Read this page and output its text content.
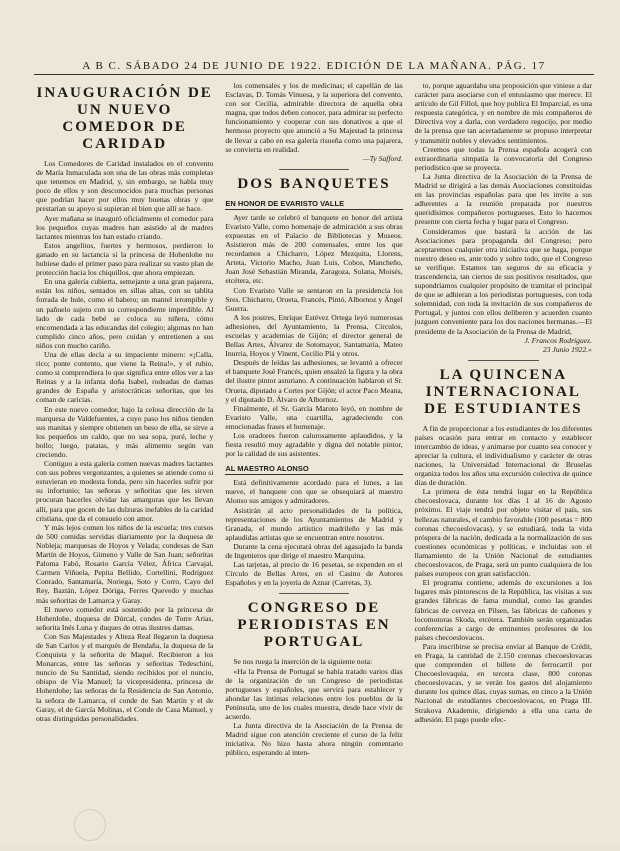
A B C. SÁBADO 24 DE JUNIO DE 1922. EDICIÓN DE LA MAÑANA. PÁG. 17
INAUGURACIÓN DE UN NUEVO COMEDOR DE CARIDAD

Los Comedores de Caridad instalados en el convento de María Inmaculada son una de las obras más completas que tenemos en Madrid, y, sin embargo, se habla muy poco de ellos y son desconocidos para muchas personas que podrían hacer por ellos muy buenas obras y que prestarían su apoyo si supieran el bien que allí se hace.

Ayer mañana se inauguró oficialmente el comedor para los pequeños cuyas madres han asistido al de madres lactantes mientras los han estado criando.

Estos angelitos, fuertes y hermosos, perdieron lo ganado en su lactancia si la princesa de Hohenlohe no hubiese dado el primer paso para realizar su vasto plan de protección hacia los chiquillos, que ahora empiezan.

En una galería cubierta, semejante a una gran pajarera, están los niños, sentados en sillas altas, con su tablita forrada de hule, como el babero; un mantel irrompible y un pañuelo sujeto con su correspondiente imperdible. Al lado de cada bebé se coloca su niñera, cómo encomendada a las educandas del colegio; algunas no han cumplido cinco años, pero cuidan y entretienen a sus niños con mucho cariño.

Una de ellas decía a su impaciente minero: «¡Calla, rico; ponte contento, que viene la Reina!», y el rubio, como si comprendiera lo que significa entre ellos ver a las Reinas y a la infanta doña Isabel, rodeadas de damas grandes de España y aristocráticas señoritas, que les coman de caricias.

En este nuevo comedor, bajo la celosa dirección de la marquesa de Valdefuentes, a cuyo paso los niños tienden sus manitas y siempre obtienen un beso de ella, se sirve a los pequeños un caldo, que no sea sopa, puré, leche y bollo; luego, patatas, y más alimento según van creciendo.

Contiguo a esta galería comen nuevas madres lactantes con sus pobres vergonzantes, a quienes se atiende como si estuvieran en modesta fonda, pero sin hacerles sufrir por su infortunio; las señoras y señoritas que les sirven procuran hacerles olvidar las amarguras que les llevan allí, para que gocen de las dulzuras inefables de la caridad cristiana, que da el consuelo con amor.

Y más lejos comen los niños de la escuela; tres cursos de 500 comidas servidas diariamente por la duquesa de Nobleja; marquesas de Hoyos y Velada; condesas de San Martín de Hoyos, Gimeno y Valle de San Juan; señoritas Paloma Fabó, Rosario García Vélez, África Carvajal, Carmen Viñuela, Pepita Bellido, Cortellini, Rodríguez Conrado, Santamaría, Noriega, Soto y Corro, Cayo del Rey, Baztán, López Dóriga, Ferres Quevedo y muchas más señoritas de Lamarca y Garay.

El nuevo comedor está sostenido por la princesa de Hohenlohe, duquesa de Dúrcal, condes de Torre Arias, señorita Inés Luna y duques de otras ilustres damas.

Con Sus Majestades y Alteza Real llegaron la duquesa de San Carlos y el marqués de Bendaña, la duquesa de la Conquista y la señorita de Maqué. Recibieron a los Monarcas, entre las señoras y señoritas Tedeschini, nuncio de Su Santidad, siendo recibidos por el nuncio, obispo de Vía Manuel; la vicepresidenta, princesa de Hohenlohe; las señoras de la Residencia de San Antonio, la señora de Lamarca, el conde de San Martín y el de Garay, el de García Molinas, el Conde de Casa Manuel, y otras distinguidas personalidades.

los comensales y los de medicinas; el capellán de las Esclavas, D. Tomás Vinuesa, y la superiora del convento, con sor Cecilia, admirable directora de aquella obra magna, que todos deben conocer, para admirar su perfecto funcionamiento y cooperar con sus donativos a que el hermoso proyecto que anunció a Su Majestad la princesa de llevar a cabo en esa galería risueña como una pajarera, se convierta en realidad.

—Ty Safford.

DOS BANQUETES
EN HONOR DE EVARISTO VALLE

Ayer tarde se celebró el banquete en honor del artista Evaristo Valle, como homenaje de admiración a sus obras expuestas en el Palacio de Bibliotecas y Museos. Asistieron más de 200 comensales, entre los que recordamos a Chicharro, López Mezquita, Llorens, Arteta, Victorio Macho, Juan Luis, Cobos, Mancheño, Juan José Sebastián Miranda, Zaragoza, Solana, Moisés, etcétera, etc.

Con Evaristo Valle se sentaron en la presidencia los Sres. Chicharro, Orueta, Francés, Pintó, Albornoz y Ángel Guerra.

A los postres, Enrique Estévez Ortega leyó numerosas adhesiones, del Ayuntamiento, la Prensa, Círculos, escuelas y academias de Gijón; el director general de Bellas Artes, Álvarez de Sotomayor, Santamaría, Mateo Inurria, Hoyos y Vinent, Cecilio Plá y otros.

Después de leídas las adhesiones, se levantó a ofrecer el banquete José Francés, quien ensalzó la figura y la obra del ilustre pintor asturiano. A continuación hablaron el Sr. Orueta, diputado a Cortes por Gijón; el actor Paco Meana, y el diputado D. Álvaro de Albornoz.

Finalmente, el Sr. García Maroto leyó, en nombre de Evaristo Valle, una cuartilla, agradeciendo con emocionadas frases el homenaje.

Los oradores fueron calurosamente aplaudidos, y la fiesta resultó muy agradable y digna del notable pintor, por la calidad de sus asistentes.

AL MAESTRO ALONSO

Está definitivamente acordado para el lunes, a las nueve, el banquete con que se obsequiará al maestro Alonso sus amigos y admiradores.

Asistirán al acto personalidades de la política, representaciones de los Ayuntamientos de Madrid y Granada, el mundo artístico madrileño y las más aplaudidas artistas que se encuentran entre nosotros.

Durante la cena ejecutará obras del agasajado la banda de Ingenieros que dirige el maestro Marquina.

Las tarjetas, al precio de 16 pesetas, se expenden en el Círculo de Bellas Artes, en el Casino de Autores Españoles y en la joyería de Aznar (Carretas, 3).

CONGRESO DE PERIODISTAS EN PORTUGAL

Se nos ruega la inserción de la siguiente nota:

«Ha la Prensa de Portugal se había tratado varios días de la organización de un Congreso de periodistas portugueses y españoles, que servirá para establecer y ahondar las íntimas relaciones entre los pueblos de la Península, uno de los cuales muestra, desde hace vivir de acuerdo.

La Junta directiva de la Asociación de la Prensa de Madrid sigue con atención creciente el curso de la feliz iniciativa. No hizo hasta ahora ningún comentario público, esperando al inten-

to, porque aguardaba una proposición que viniese a dar carácter para asociarse con el entusiasmo que merece. El artículo de Gil Fillol, que hoy publica El Imparcial, es una respuesta categórica, y en nombre de mis compañeros de Directiva voy a darla, con verdadero regocijo, por medio de la prensa que tan acertadamente se propuso interpretar y transmitir nobles y elevados sentimientos.

Creemos que todas la Prensa española acogerá con extraordinaria simpatía la convocatoria del Congreso periodístico que se proyecta.

La Junta directiva de la Asociación de la Prensa de Madrid se dirigirá a las demás Asociaciones constituidas en las provincias españolas para que les invite a sus adherentes a la reunión preparada por nuestros queridísimos compañeros portugueses. Esto lo hacemos presente con cierta fecha y lugar para el Congreso.

Consideramos que bastará la acción de las Asociaciones para propaganda del Congreso; pero aceptaremos cualquier otra iniciativa que se haga, porque nuestro deseo es, ante todo y sobre todo, que el Congreso se verifique. Estamos tan seguros de su eficacia y trascendencia, tan ciertos de sus positivos resultados, que supondríamos cualquier propósito de tramitar el principal de que se adhieran a los periodistas portugueses, con toda solemnidad, con toda la invitación de sus compañeros de Portugal, y juntos con ellos deliberen y acuerden cuanto juzguen conveniente para los dos naciones hermanas.—El presidente de la Asociación de la Prensa de Madrid,

J. Francos Rodríguez.

23 Junio 1922.»

LA QUINCENA INTERNACIONAL DE ESTUDIANTES

A fin de proporcionar a los estudiantes de los diferentes países ocasión para entrar en contacto y establecer intercambio de ideas, y animarse por cuanto sea conocer y apreciar la cultura, el individualismo y carácter de otras naciones, la Universidad Internacional de Bruselas organiza todos los años una excursión colectiva de quince días de duración.

La primera de ésta tendrá lugar en la República checoeslovaca, durante los días 1 al 16 de Agosto próximo. El viaje tendrá por objeto visitar el país, sus bellezas naturales, el cambio favorable (100 pesetas = 800 coronas checoeslovacas), y se estudiará, toda la vida próspera de la nación, dedicada a la normalización de sus cuestiones económicas y políticas, e incluidas son el llamamiento de la Unión Nacional de estudiantes checoeslovacos, de Praga, será un punto cualquiera de los países europeos con gran satisfacción.

El programa contiene, además de excursiones a los lugares más pintorescos de la República, las visitas a sus grandes fábricas de fama mundial, como las grandes fábricas de cerveza en Pilsen, las fábricas de cañones y locomotoras Skoda, etcétera. También serán organizadas conferencias a cargo de eminentes profesores de los países checoeslovacos.

Para inscribirse se precisa enviar al Banque de Crédit, en Praga, la cantidad de 2.150 coronas checoeslovacas que comprenden el billete de ferrocarril por Checoeslovaquia, en tercera clase, 800 coronas checoeslovacas, y se verán los gastos del alojamiento durante los quince días, cuyas sumas, en cinco a la Unión Nacional de estudiantes checoeslovacos, en Praga III. Strakova Akademie, dirigiendo a ella una carta de adhesión. El pago puede efec-
